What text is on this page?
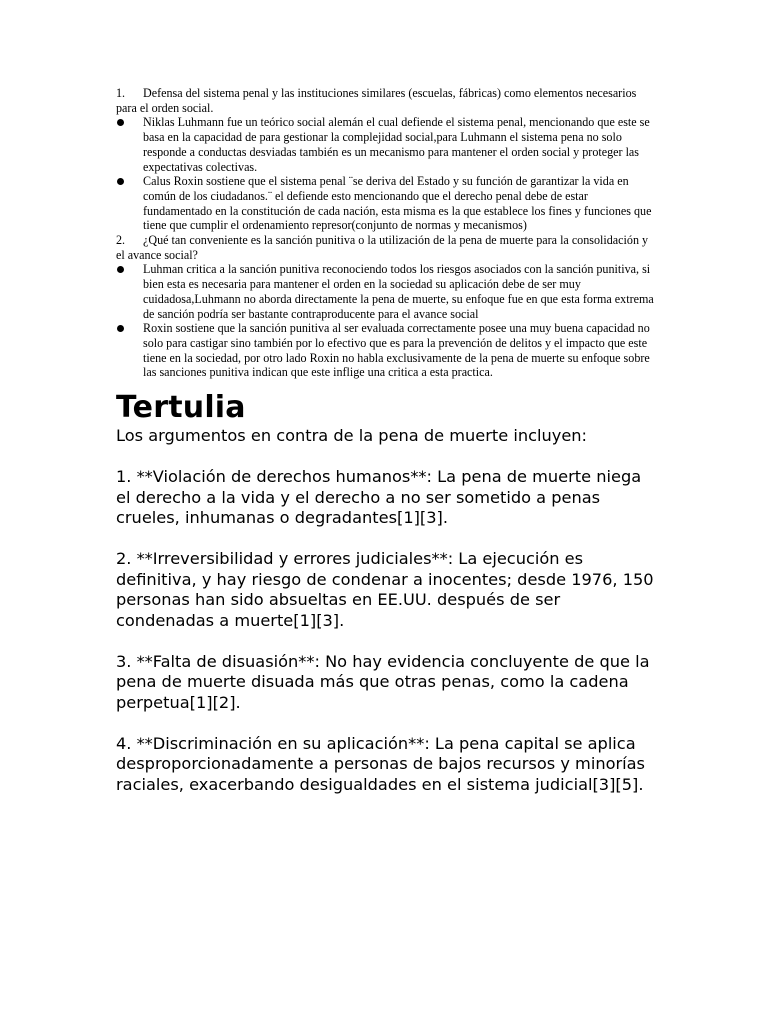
1. Defensa del sistema penal y las instituciones similares (escuelas, fábricas) como elementos necesarios para el orden social.

Niklas Luhmann fue un teórico social alemán el cual defiende el sistema penal, mencionando que este se basa en la capacidad de para gestionar la complejidad social,para Luhmann el sistema pena no solo responde a conductas desviadas también es un mecanismo para mantener el orden social y proteger las expectativas colectivas.
Calus Roxin sostiene que el sistema penal ¨se deriva del Estado y su función de garantizar la vida en común de los ciudadanos.¨ el defiende esto mencionando que el derecho penal debe de estar fundamentado en la constitución de cada nación, esta misma es la que establece los fines y funciones que tiene que cumplir el ordenamiento represor(conjunto de normas y mecanismos)

2. ¿Qué tan conveniente es la sanción punitiva o la utilización de la pena de muerte para la consolidación y el avance social?

Luhman critica a la sanción punitiva reconociendo todos los riesgos asociados con la sanción punitiva, si bien esta es necesaria para mantener el orden en la sociedad su aplicación debe de ser muy cuidadosa,Luhmann no aborda directamente la pena de muerte, su enfoque fue en que esta forma extrema de sanción podría ser bastante contraproducente para el avance social
Roxin sostiene que la sanción punitiva al ser evaluada correctamente posee una muy buena capacidad no solo para castigar sino también por lo efectivo que es para la prevención de delitos y el impacto que este tiene en la sociedad, por otro lado Roxin no habla exclusivamente de la pena de muerte su enfoque sobre las sanciones punitiva indican que este inflige una critica a esta practica.
Tertulia

Los argumentos en contra de la pena de muerte incluyen:

1. **Violación de derechos humanos**: La pena de muerte niega el derecho a la vida y el derecho a no ser sometido a penas crueles, inhumanas o degradantes[1][3].

2. **Irreversibilidad y errores judiciales**: La ejecución es definitiva, y hay riesgo de condenar a inocentes; desde 1976, 150 personas han sido absueltas en EE.UU. después de ser condenadas a muerte[1][3].

3. **Falta de disuasión**: No hay evidencia concluyente de que la pena de muerte disuada más que otras penas, como la cadena perpetua[1][2].

4. **Discriminación en su aplicación**: La pena capital se aplica desproporcionadamente a personas de bajos recursos y minorías raciales, exacerbando desigualdades en el sistema judicial[3][5].
